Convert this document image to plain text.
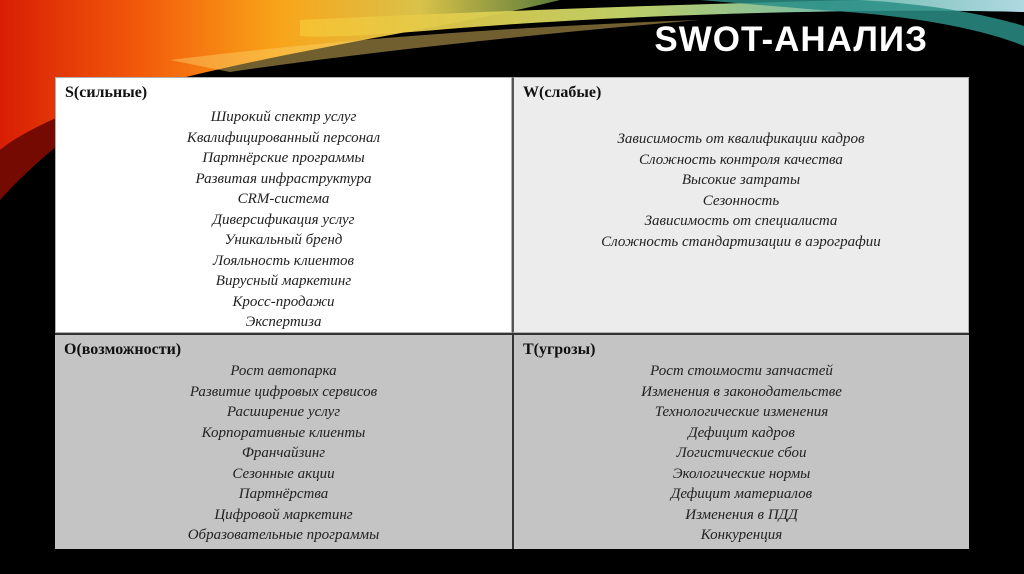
SWOT-АНАЛИЗ
S(сильные)
Широкий спектр услуг
Квалифицированный персонал
Партнёрские программы
Развитая инфраструктура
CRM-система
Диверсификация услуг
Уникальный бренд
Лояльность клиентов
Вирусный маркетинг
Кросс-продажи
Экспертиза
W(слабые)
Зависимость от квалификации кадров
Сложность контроля качества
Высокие затраты
Сезонность
Зависимость от специалиста
Сложность стандартизации в аэрографии
O(возможности)
Рост автопарка
Развитие цифровых сервисов
Расширение услуг
Корпоративные клиенты
Франчайзинг
Сезонные акции
Партнёрства
Цифровой маркетинг
Образовательные программы
T(угрозы)
Рост стоимости запчастей
Изменения в законодательстве
Технологические изменения
Дефицит кадров
Логистические сбои
Экологические нормы
Дефицит материалов
Изменения в ПДД
Конкуренция
